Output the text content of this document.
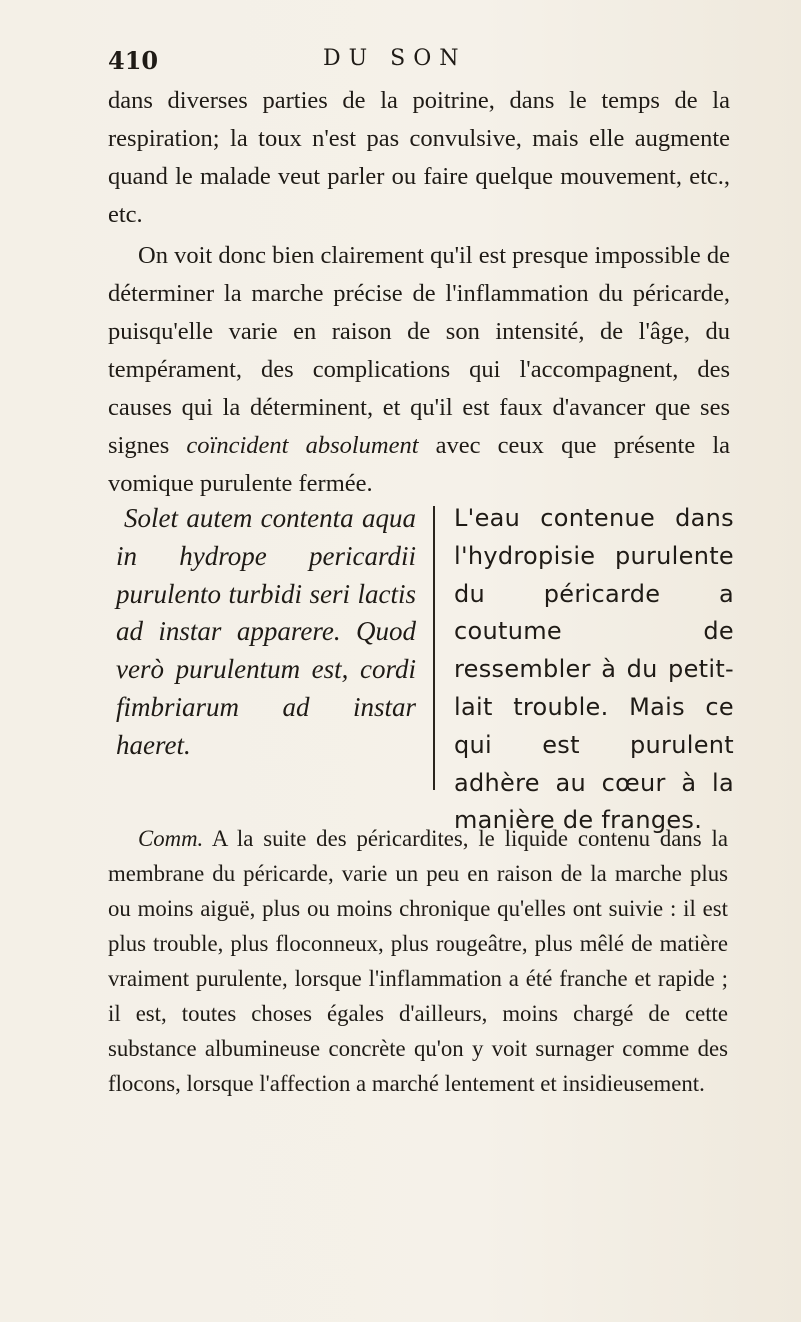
410	DU SON
dans diverses parties de la poitrine, dans le temps de la respiration; la toux n'est pas convulsive, mais elle augmente quand le malade veut parler ou faire quelque mouvement, etc., etc.
On voit donc bien clairement qu'il est presque impossible de déterminer la marche précise de l'inflammation du péricarde, puisqu'elle varie en raison de son intensité, de l'âge, du tempérament, des complications qui l'accompagnent, des causes qui la déterminent, et qu'il est faux d'avancer que ses signes coïncident absolument avec ceux que présente la vomique purulente fermée.
Solet autem contenta aqua in hydrope pericardii purulento turbidi seri lactis ad instar apparere. Quod verò purulentum est, cordi fimbriarum ad instar haeret.
L'eau contenue dans l'hydropisie purulente du péricarde a coutume de ressembler à du petit-lait trouble. Mais ce qui est purulent adhère au cœur à la manière de franges.
Comm. A la suite des péricardites, le liquide contenu dans la membrane du péricarde, varie un peu en raison de la marche plus ou moins aiguë, plus ou moins chronique qu'elles ont suivie : il est plus trouble, plus floconneux, plus rougeâtre, plus mêlé de matière vraiment purulente, lorsque l'inflammation a été franche et rapide ; il est, toutes choses égales d'ailleurs, moins chargé de cette substance albumineuse concrète qu'on y voit surnager comme des flocons, lorsque l'affection a marché lentement et insidieusement.
